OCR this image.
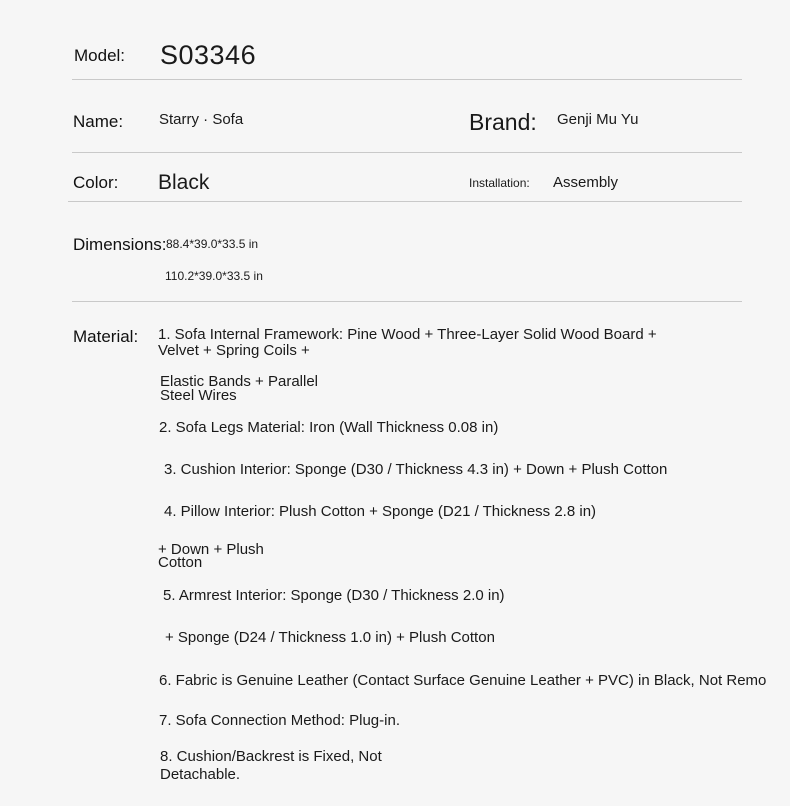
Model: S03346
Name: Starry · Sofa	Brand: Genji Mu Yu
Color: Black	Installation: Assembly
Dimensions: 88.4*39.0*33.5 in
110.2*39.0*33.5 in
Material: 1. Sofa Internal Framework: Pine Wood + Three-Layer Solid Wood Board +
Velvet + Spring Coils +
Elastic Bands + Parallel
Steel Wires
2. Sofa Legs Material: Iron (Wall Thickness 0.08 in)
3. Cushion Interior: Sponge (D30 / Thickness 4.3 in) + Down + Plush Cotton
4. Pillow Interior: Plush Cotton + Sponge (D21 / Thickness 2.8 in)
+ Down + Plush
Cotton
5. Armrest Interior: Sponge (D30 / Thickness 2.0 in)
+ Sponge (D24 / Thickness 1.0 in) + Plush Cotton
6. Fabric is Genuine Leather (Contact Surface Genuine Leather + PVC) in Black, Not Remo
7. Sofa Connection Method: Plug-in.
8. Cushion/Backrest is Fixed, Not
Detachable.
